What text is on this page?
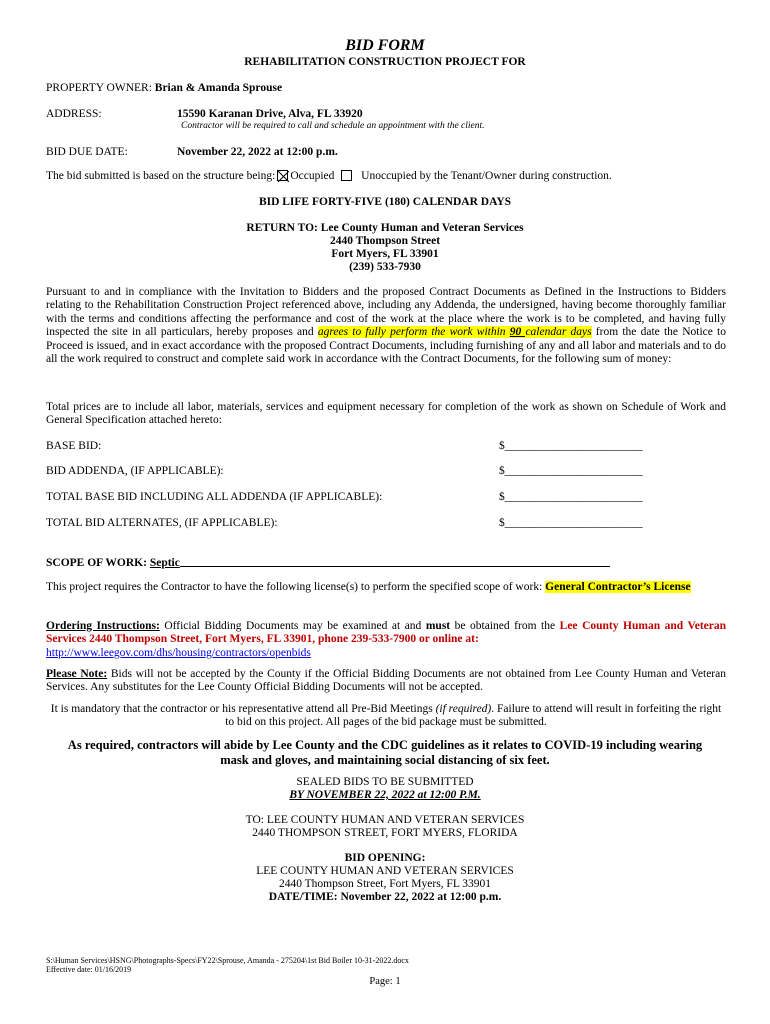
BID FORM
REHABILITATION CONSTRUCTION PROJECT FOR
PROPERTY OWNER: Brian & Amanda Sprouse
ADDRESS:	15590 Karanan Drive, Alva, FL 33920
Contractor will be required to call and schedule an appointment with the client.
BID DUE DATE:	November 22, 2022 at 12:00 p.m.
The bid submitted is based on the structure being: Occupied Unoccupied by the Tenant/Owner during construction.
BID LIFE FORTY-FIVE (180) CALENDAR DAYS
RETURN TO: Lee County Human and Veteran Services
2440 Thompson Street
Fort Myers, FL 33901
(239) 533-7930
Pursuant to and in compliance with the Invitation to Bidders and the proposed Contract Documents as Defined in the Instructions to Bidders relating to the Rehabilitation Construction Project referenced above, including any Addenda, the undersigned, having become thoroughly familiar with the terms and conditions affecting the performance and cost of the work at the place where the work is to be completed, and having fully inspected the site in all particulars, hereby proposes and agrees to fully perform the work within 90 calendar days from the date the Notice to Proceed is issued, and in exact accordance with the proposed Contract Documents, including furnishing of any and all labor and materials and to do all the work required to construct and complete said work in accordance with the Contract Documents, for the following sum of money:
Total prices are to include all labor, materials, services and equipment necessary for completion of the work as shown on Schedule of Work and General Specification attached hereto:
BASE BID:	$________________________
BID ADDENDA, (IF APPLICABLE):	$________________________
TOTAL BASE BID INCLUDING ALL ADDENDA (IF APPLICABLE):	$________________________
TOTAL BID ALTERNATES, (IF APPLICABLE):	$________________________
SCOPE OF WORK: Septic
This project requires the Contractor to have the following license(s) to perform the specified scope of work: General Contractor’s License
Ordering Instructions: Official Bidding Documents may be examined at and must be obtained from the Lee County Human and Veteran Services 2440 Thompson Street, Fort Myers, FL 33901, phone 239-533-7900 or online at:
http://www.leegov.com/dhs/housing/contractors/openbids
Please Note: Bids will not be accepted by the County if the Official Bidding Documents are not obtained from Lee County Human and Veteran Services. Any substitutes for the Lee County Official Bidding Documents will not be accepted.
It is mandatory that the contractor or his representative attend all Pre-Bid Meetings (if required). Failure to attend will result in forfeiting the right to bid on this project. All pages of the bid package must be submitted.
As required, contractors will abide by Lee County and the CDC guidelines as it relates to COVID-19 including wearing mask and gloves, and maintaining social distancing of six feet.
SEALED BIDS TO BE SUBMITTED
BY NOVEMBER 22, 2022 at 12:00 P.M.
TO: LEE COUNTY HUMAN AND VETERAN SERVICES
2440 THOMPSON STREET, FORT MYERS, FLORIDA
BID OPENING:
LEE COUNTY HUMAN AND VETERAN SERVICES
2440 Thompson Street, Fort Myers, FL 33901
DATE/TIME: November 22, 2022 at 12:00 p.m.
S:\Human Services\HSNG\Photographs-Specs\FY22\Sprouse, Amanda - 275204\1st Bid Boiler 10-31-2022.docx
Effective date: 01/16/2019
Page: 1
